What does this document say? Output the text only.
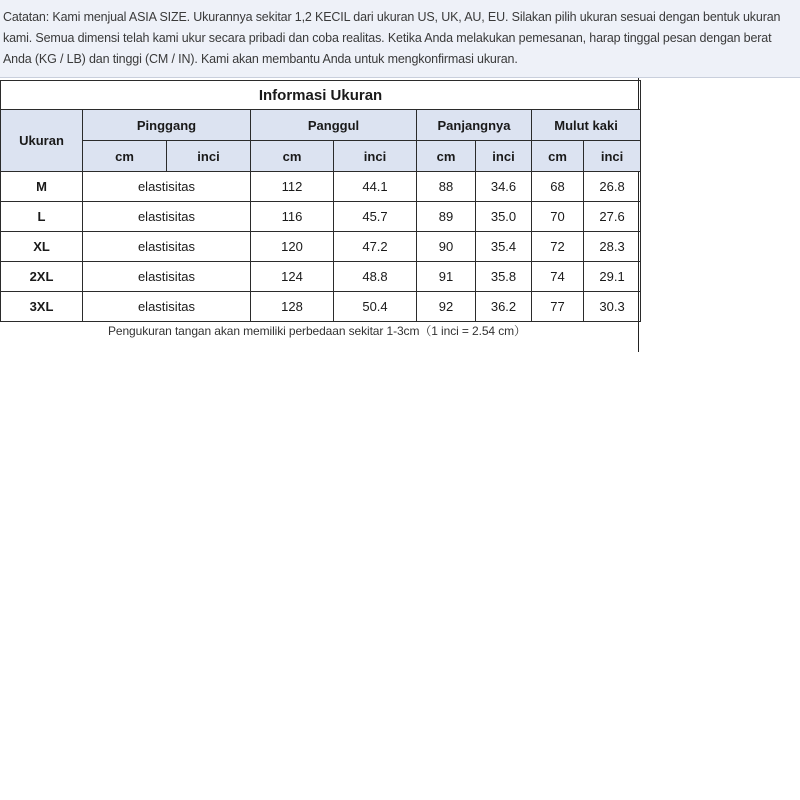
Catatan: Kami menjual ASIA SIZE. Ukurannya sekitar 1,2 KECIL dari ukuran US, UK, AU, EU. Silakan pilih ukuran sesuai dengan bentuk ukuran

kami. Semua dimensi telah kami ukur secara pribadi dan coba realitas. Ketika Anda melakukan pemesanan, harap tinggal pesan dengan berat

Anda (KG / LB) dan tinggi (CM / IN). Kami akan membantu Anda untuk mengkonfirmasi ukuran.

Informasi Ukuran								
Ukuran	Pinggang		Panggul		Panjangnya		Mulut kaki	
	cm	inci	cm	inci	cm	inci	cm	inci
M	elastisitas		112	44.1	88	34.6	68	26.8
L	elastisitas		116	45.7	89	35.0	70	27.6
XL	elastisitas		120	47.2	90	35.4	72	28.3
2XL	elastisitas		124	48.8	91	35.8	74	29.1
3XL	elastisitas		128	50.4	92	36.2	77	30.3
Pengukuran tangan akan memiliki perbedaan sekitar 1-3cm（1 inci = 2.54 cm）
